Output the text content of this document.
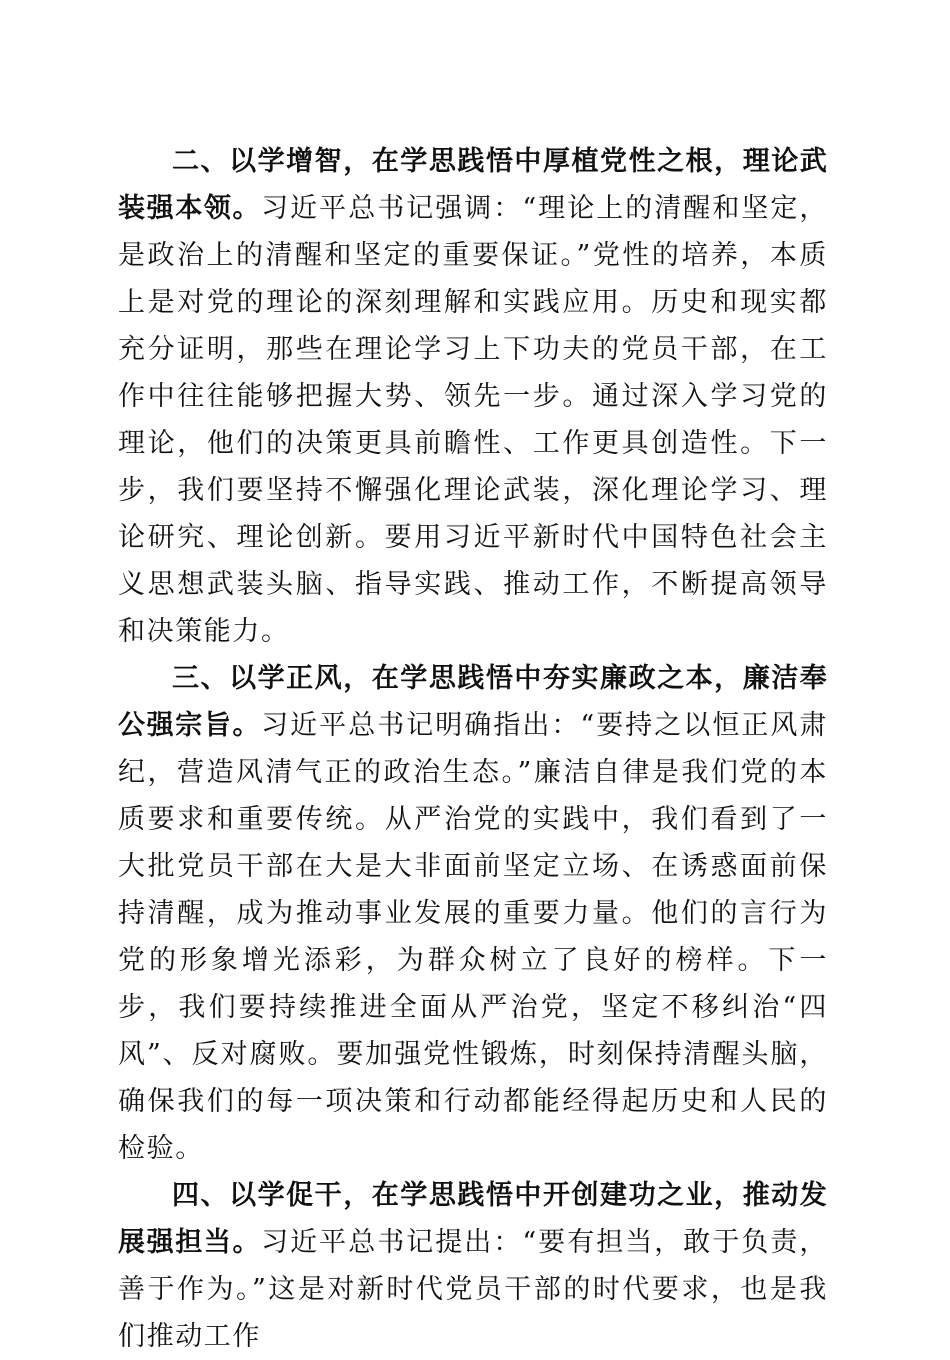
二、以学增智，在学思践悟中厚植党性之根，理论武装强本领。习近平总书记强调：“理论上的清醒和坚定，是政治上的清醒和坚定的重要保证。”党性的培养，本质上是对党的理论的深刻理解和实践应用。历史和现实都充分证明，那些在理论学习上下功夫的党员干部，在工作中往往能够把握大势、领先一步。通过深入学习党的理论，他们的决策更具前瞻性、工作更具创造性。下一步，我们要坚持不懈强化理论武装，深化理论学习、理论研究、理论创新。要用习近平新时代中国特色社会主义思想武装头脑、指导实践、推动工作，不断提高领导和决策能力。

三、以学正风，在学思践悟中夯实廉政之本，廉洁奉公强宗旨。习近平总书记明确指出：“要持之以恒正风肃纪，营造风清气正的政治生态。”廉洁自律是我们党的本质要求和重要传统。从严治党的实践中，我们看到了一大批党员干部在大是大非面前坚定立场、在诱惑面前保持清醒，成为推动事业发展的重要力量。他们的言行为党的形象增光添彩，为群众树立了良好的榜样。下一步，我们要持续推进全面从严治党，坚定不移纠治“四风”、反对腐败。要加强党性锻炼，时刻保持清醒头脑，确保我们的每一项决策和行动都能经得起历史和人民的检验。

四、以学促干，在学思践悟中开创建功之业，推动发展强担当。习近平总书记提出：“要有担当，敢于负责，善于作为。”这是对新时代党员干部的时代要求，也是我们推动工作
